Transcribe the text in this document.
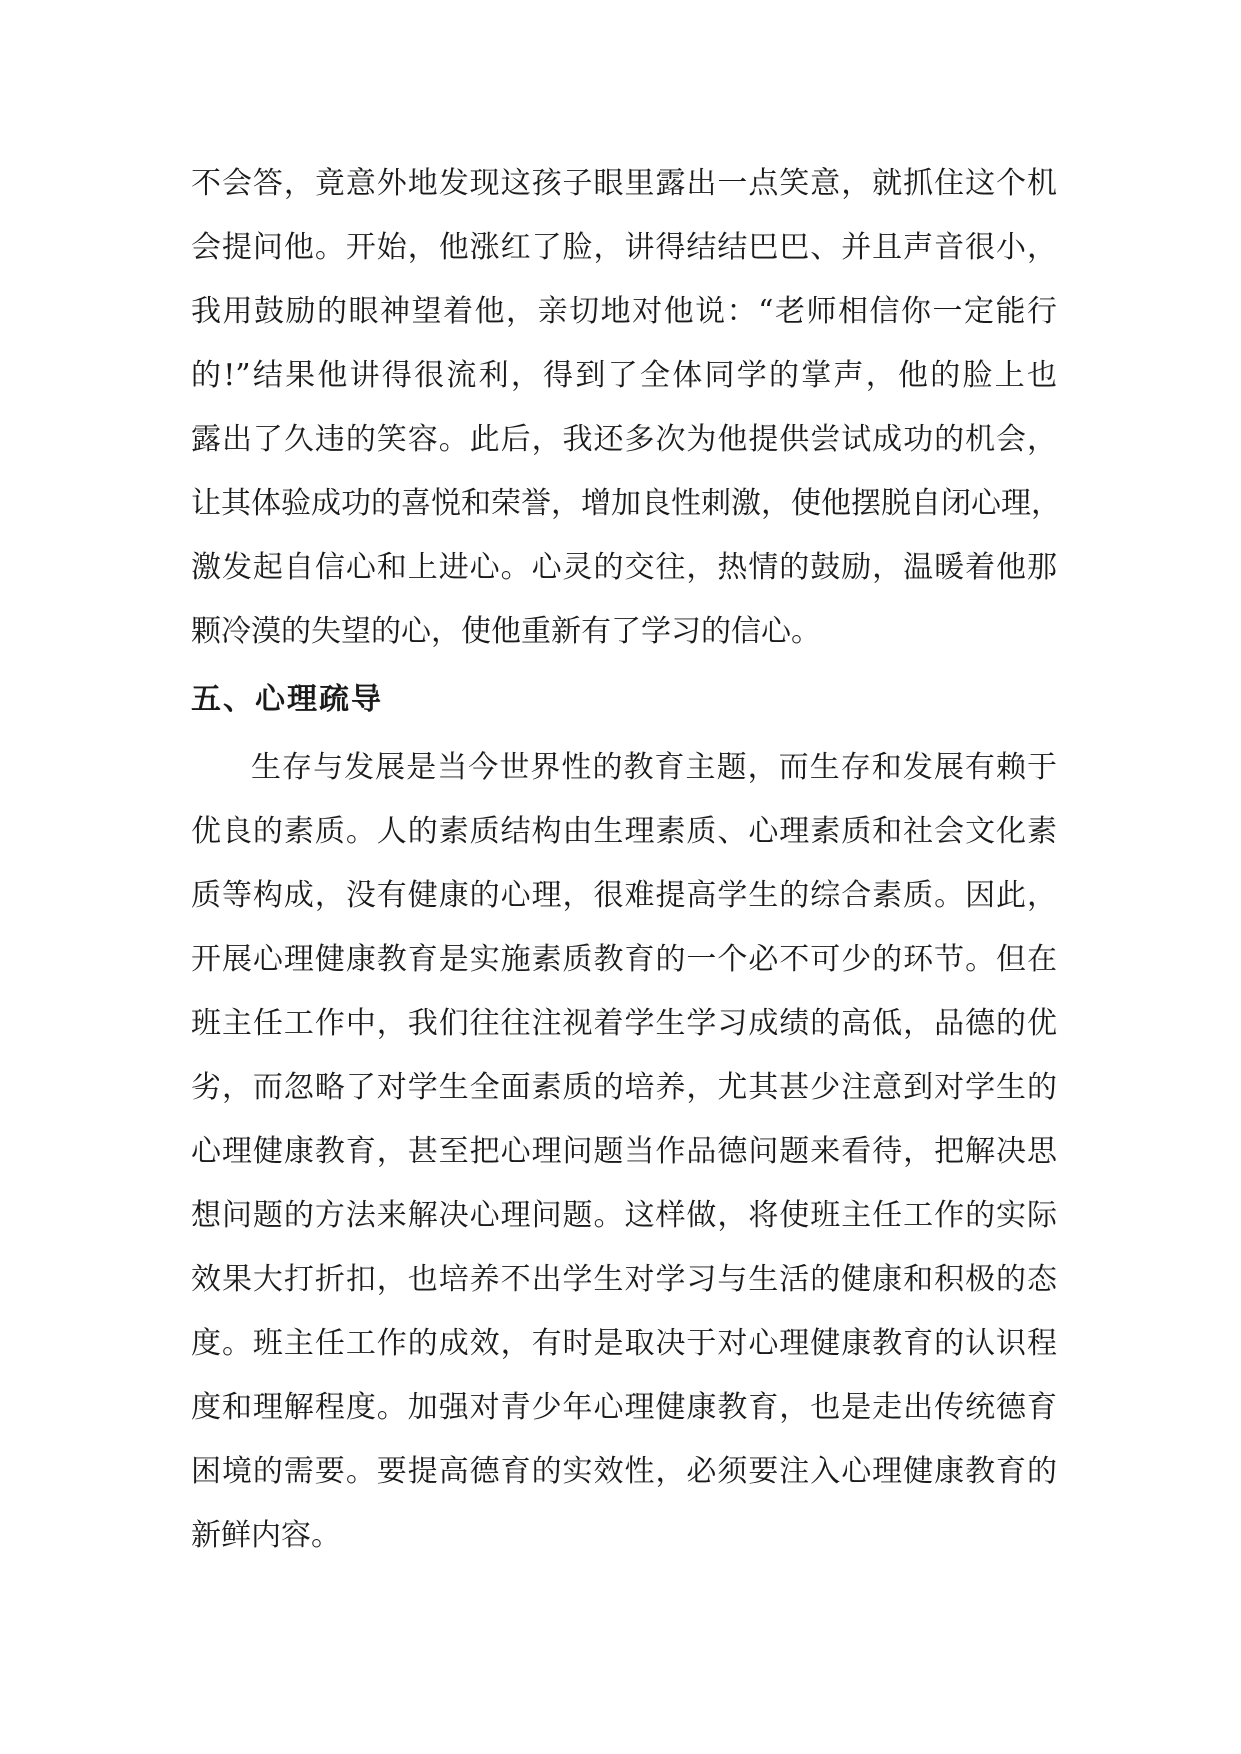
不会答，竟意外地发现这孩子眼里露出一点笑意，就抓住这个机
会提问他。开始，他涨红了脸，讲得结结巴巴、并且声音很小，
我用鼓励的眼神望着他，亲切地对他说：“老师相信你一定能行
的!”结果他讲得很流利，得到了全体同学的掌声，他的脸上也
露出了久违的笑容。此后，我还多次为他提供尝试成功的机会，
让其体验成功的喜悦和荣誉，增加良性刺激，使他摆脱自闭心理，
激发起自信心和上进心。心灵的交往，热情的鼓励，温暖着他那
颗冷漠的失望的心，使他重新有了学习的信心。
五、心理疏导
生存与发展是当今世界性的教育主题，而生存和发展有赖于
优良的素质。人的素质结构由生理素质、心理素质和社会文化素
质等构成，没有健康的心理，很难提高学生的综合素质。因此，
开展心理健康教育是实施素质教育的一个必不可少的环节。但在
班主任工作中，我们往往注视着学生学习成绩的高低，品德的优
劣，而忽略了对学生全面素质的培养，尤其甚少注意到对学生的
心理健康教育，甚至把心理问题当作品德问题来看待，把解决思
想问题的方法来解决心理问题。这样做，将使班主任工作的实际
效果大打折扣，也培养不出学生对学习与生活的健康和积极的态
度。班主任工作的成效，有时是取决于对心理健康教育的认识程
度和理解程度。加强对青少年心理健康教育，也是走出传统德育
困境的需要。要提高德育的实效性，必须要注入心理健康教育的
新鲜内容。
